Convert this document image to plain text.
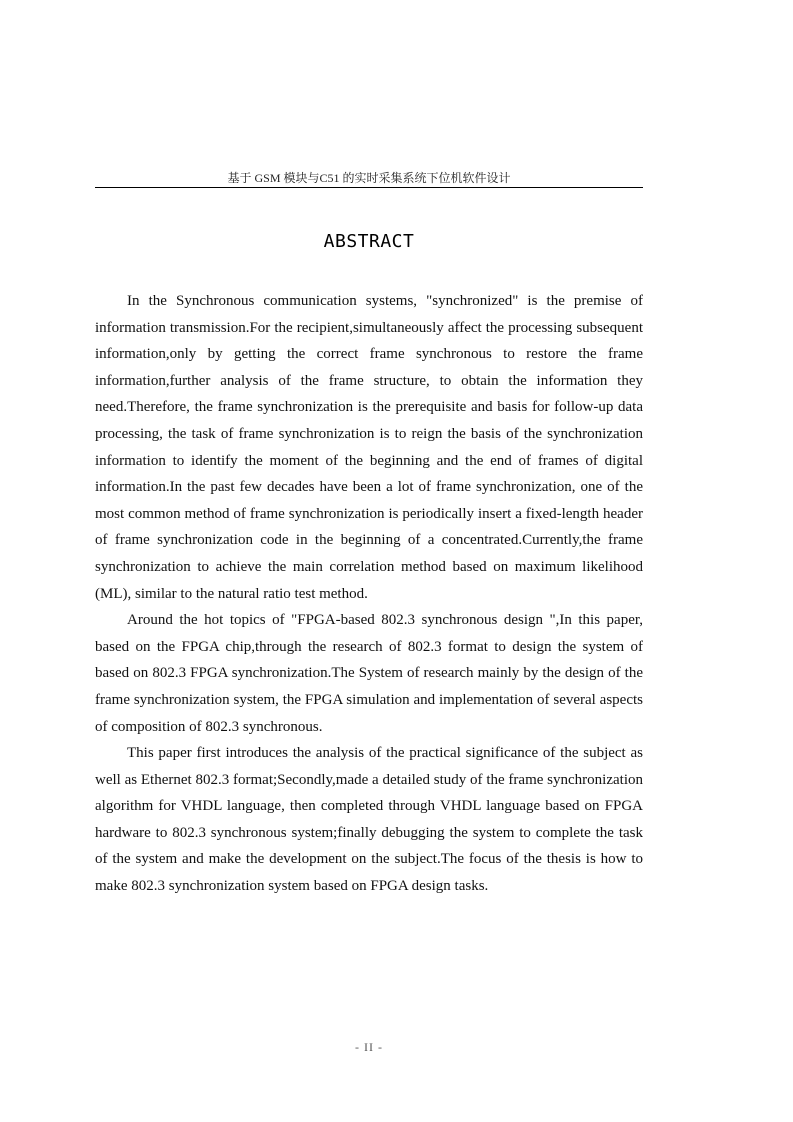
基于 GSM 模块与C51 的实时采集系统下位机软件设计
ABSTRACT

In the Synchronous communication systems, "synchronized" is the premise of information transmission.For the recipient,simultaneously affect the processing subsequent information,only by getting the correct frame synchronous to restore the frame information,further analysis of the frame structure, to obtain the information they need.Therefore, the frame synchronization is the prerequisite and basis for follow-up data processing, the task of frame synchronization is to reign the basis of the synchronization information to identify the moment of the beginning and the end of frames of digital information.In the past few decades have been a lot of frame synchronization, one of the most common method of frame synchronization is periodically insert a fixed-length header of frame synchronization code in the beginning of a concentrated.Currently,the frame synchronization to achieve the main correlation method based on maximum likelihood (ML), similar to the natural ratio test method.

Around the hot topics of "FPGA-based 802.3 synchronous design ",In this paper, based on the FPGA chip,through the research of 802.3 format to design the system of based on 802.3 FPGA synchronization.The System of research mainly by the design of the frame synchronization system, the FPGA simulation and implementation of several aspects of composition of 802.3 synchronous.

This paper first introduces the analysis of the practical significance of the subject as well as Ethernet 802.3 format;Secondly,made a detailed study of the frame synchronization algorithm for VHDL language, then completed through VHDL language based on FPGA hardware to 802.3 synchronous system;finally debugging the system to complete the task of the system and make the development on the subject.The focus of the thesis is how to make 802.3 synchronization system based on FPGA design tasks.

- II -
